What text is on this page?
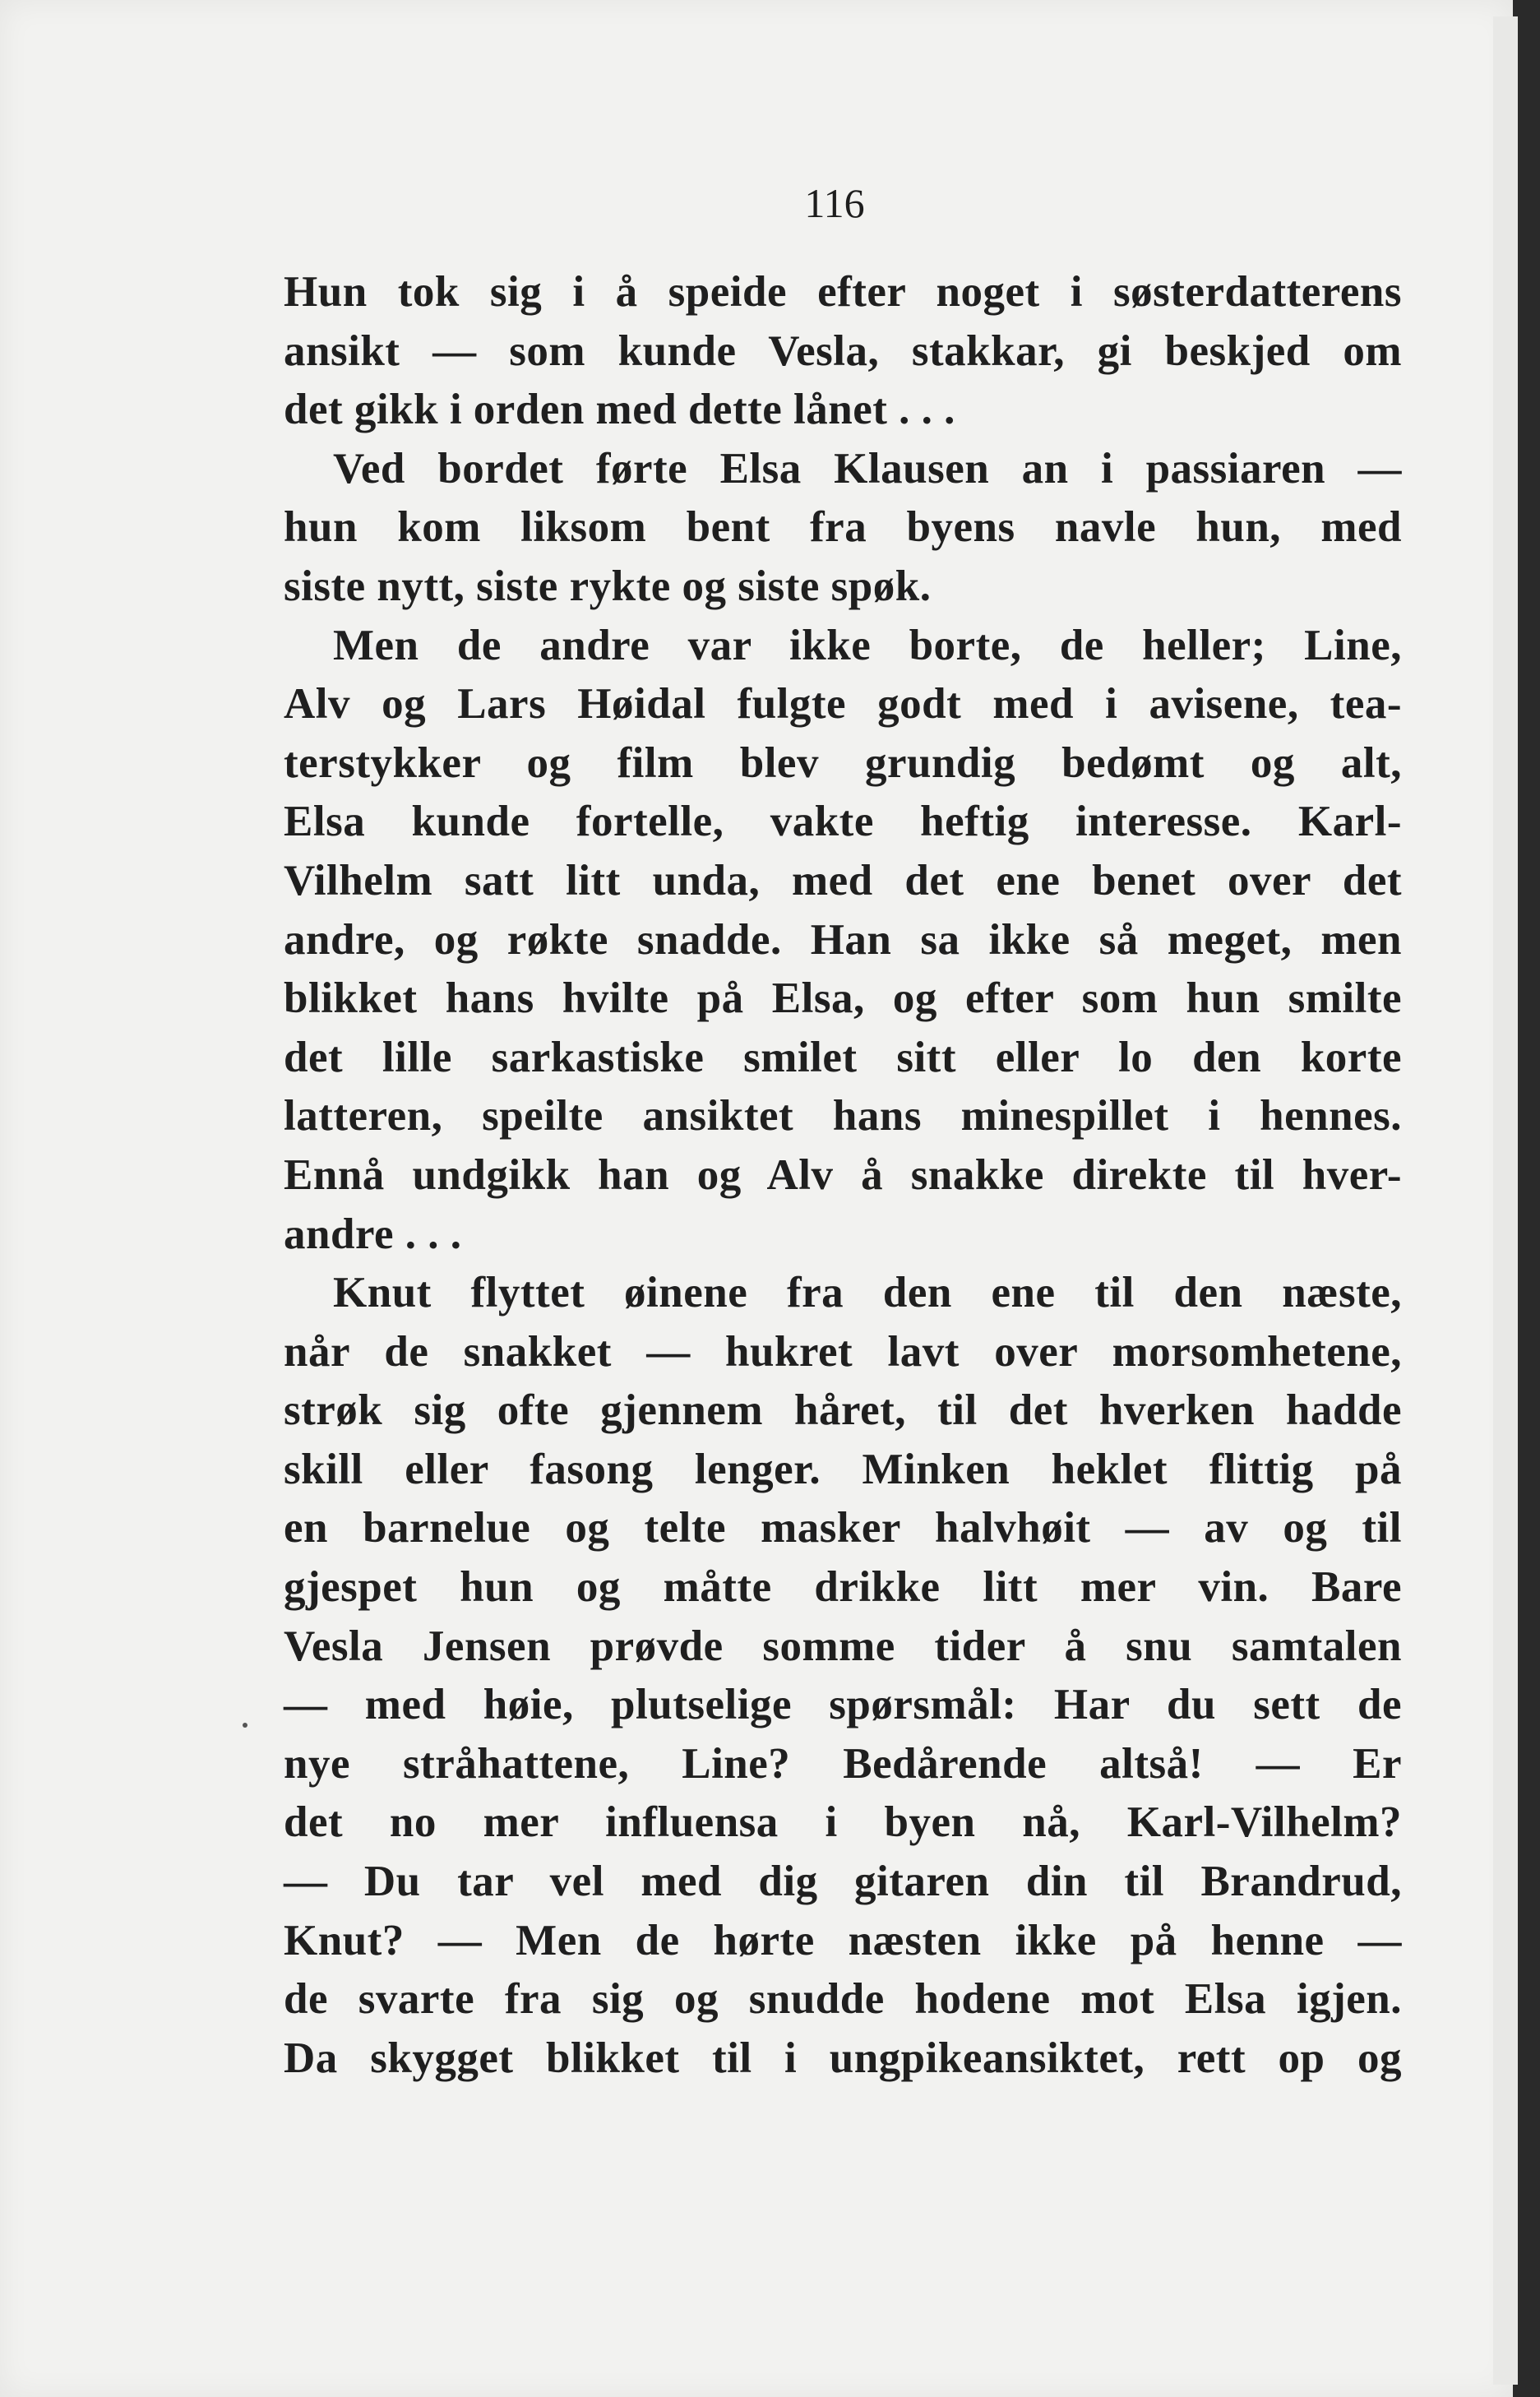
116
Hun tok sig i å speide efter noget i søsterdatterens
ansikt — som kunde Vesla, stakkar, gi beskjed om
det gikk i orden med dette lånet . . .
Ved bordet førte Elsa Klausen an i passiaren —
hun kom liksom bent fra byens navle hun, med
siste nytt, siste rykte og siste spøk.
Men de andre var ikke borte, de heller; Line,
Alv og Lars Høidal fulgte godt med i avisene, tea-
terstykker og film blev grundig bedømt og alt,
Elsa kunde fortelle, vakte heftig interesse. Karl-
Vilhelm satt litt unda, med det ene benet over det
andre, og røkte snadde. Han sa ikke så meget, men
blikket hans hvilte på Elsa, og efter som hun smilte
det lille sarkastiske smilet sitt eller lo den korte
latteren, speilte ansiktet hans minespillet i hennes.
Ennå undgikk han og Alv å snakke direkte til hver-
andre . . .
Knut flyttet øinene fra den ene til den næste,
når de snakket — hukret lavt over morsomhetene,
strøk sig ofte gjennem håret, til det hverken hadde
skill eller fasong lenger. Minken heklet flittig på
en barnelue og telte masker halvhøit — av og til
gjespet hun og måtte drikke litt mer vin. Bare
Vesla Jensen prøvde somme tider å snu samtalen
— med høie, plutselige spørsmål: Har du sett de
nye stråhattene, Line? Bedårende altså! — Er
det no mer influensa i byen nå, Karl-Vilhelm?
— Du tar vel med dig gitaren din til Brandrud,
Knut? — Men de hørte næsten ikke på henne —
de svarte fra sig og snudde hodene mot Elsa igjen.
Da skygget blikket til i ungpikeansiktet, rett op og
